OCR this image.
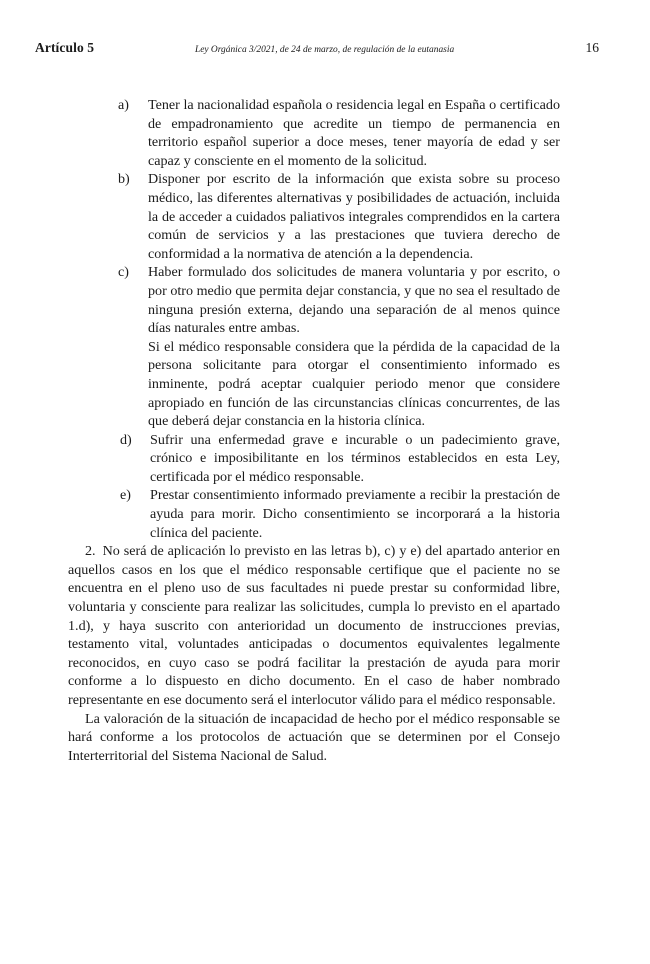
Artículo 5	Ley Orgánica 3/2021, de 24 de marzo, de regulación de la eutanasia	16
a)	Tener la nacionalidad española o residencia legal en España o certificado de empadronamiento que acredite un tiempo de permanencia en territorio español superior a doce meses, tener mayoría de edad y ser capaz y consciente en el momento de la solicitud.
b)	Disponer por escrito de la información que exista sobre su proceso médico, las diferentes alternativas y posibilidades de actuación, incluida la de acceder a cuidados paliativos integrales comprendidos en la cartera común de servicios y a las prestaciones que tuviera derecho de conformidad a la normativa de atención a la dependencia.
c)	Haber formulado dos solicitudes de manera voluntaria y por escrito, o por otro medio que permita dejar constancia, y que no sea el resultado de ninguna presión externa, dejando una separación de al menos quince días naturales entre ambas.
Si el médico responsable considera que la pérdida de la capacidad de la persona solicitante para otorgar el consentimiento informado es inminente, podrá aceptar cualquier periodo menor que considere apropiado en función de las circunstancias clínicas concurrentes, de las que deberá dejar constancia en la historia clínica.
d)	Sufrir una enfermedad grave e incurable o un padecimiento grave, crónico e imposibilitante en los términos establecidos en esta Ley, certificada por el médico responsable.
e)	Prestar consentimiento informado previamente a recibir la prestación de ayuda para morir. Dicho consentimiento se incorporará a la historia clínica del paciente.

2. No será de aplicación lo previsto en las letras b), c) y e) del apartado anterior en aquellos casos en los que el médico responsable certifique que el paciente no se encuentra en el pleno uso de sus facultades ni puede prestar su conformidad libre, voluntaria y consciente para realizar las solicitudes, cumpla lo previsto en el apartado 1.d), y haya suscrito con anterioridad un documento de instrucciones previas, testamento vital, voluntades anticipadas o documentos equivalentes legalmente reconocidos, en cuyo caso se podrá facilitar la prestación de ayuda para morir conforme a lo dispuesto en dicho documento. En el caso de haber nombrado representante en ese documento será el interlocutor válido para el médico responsable.

La valoración de la situación de incapacidad de hecho por el médico responsable se hará conforme a los protocolos de actuación que se determinen por el Consejo Interterritorial del Sistema Nacional de Salud.
